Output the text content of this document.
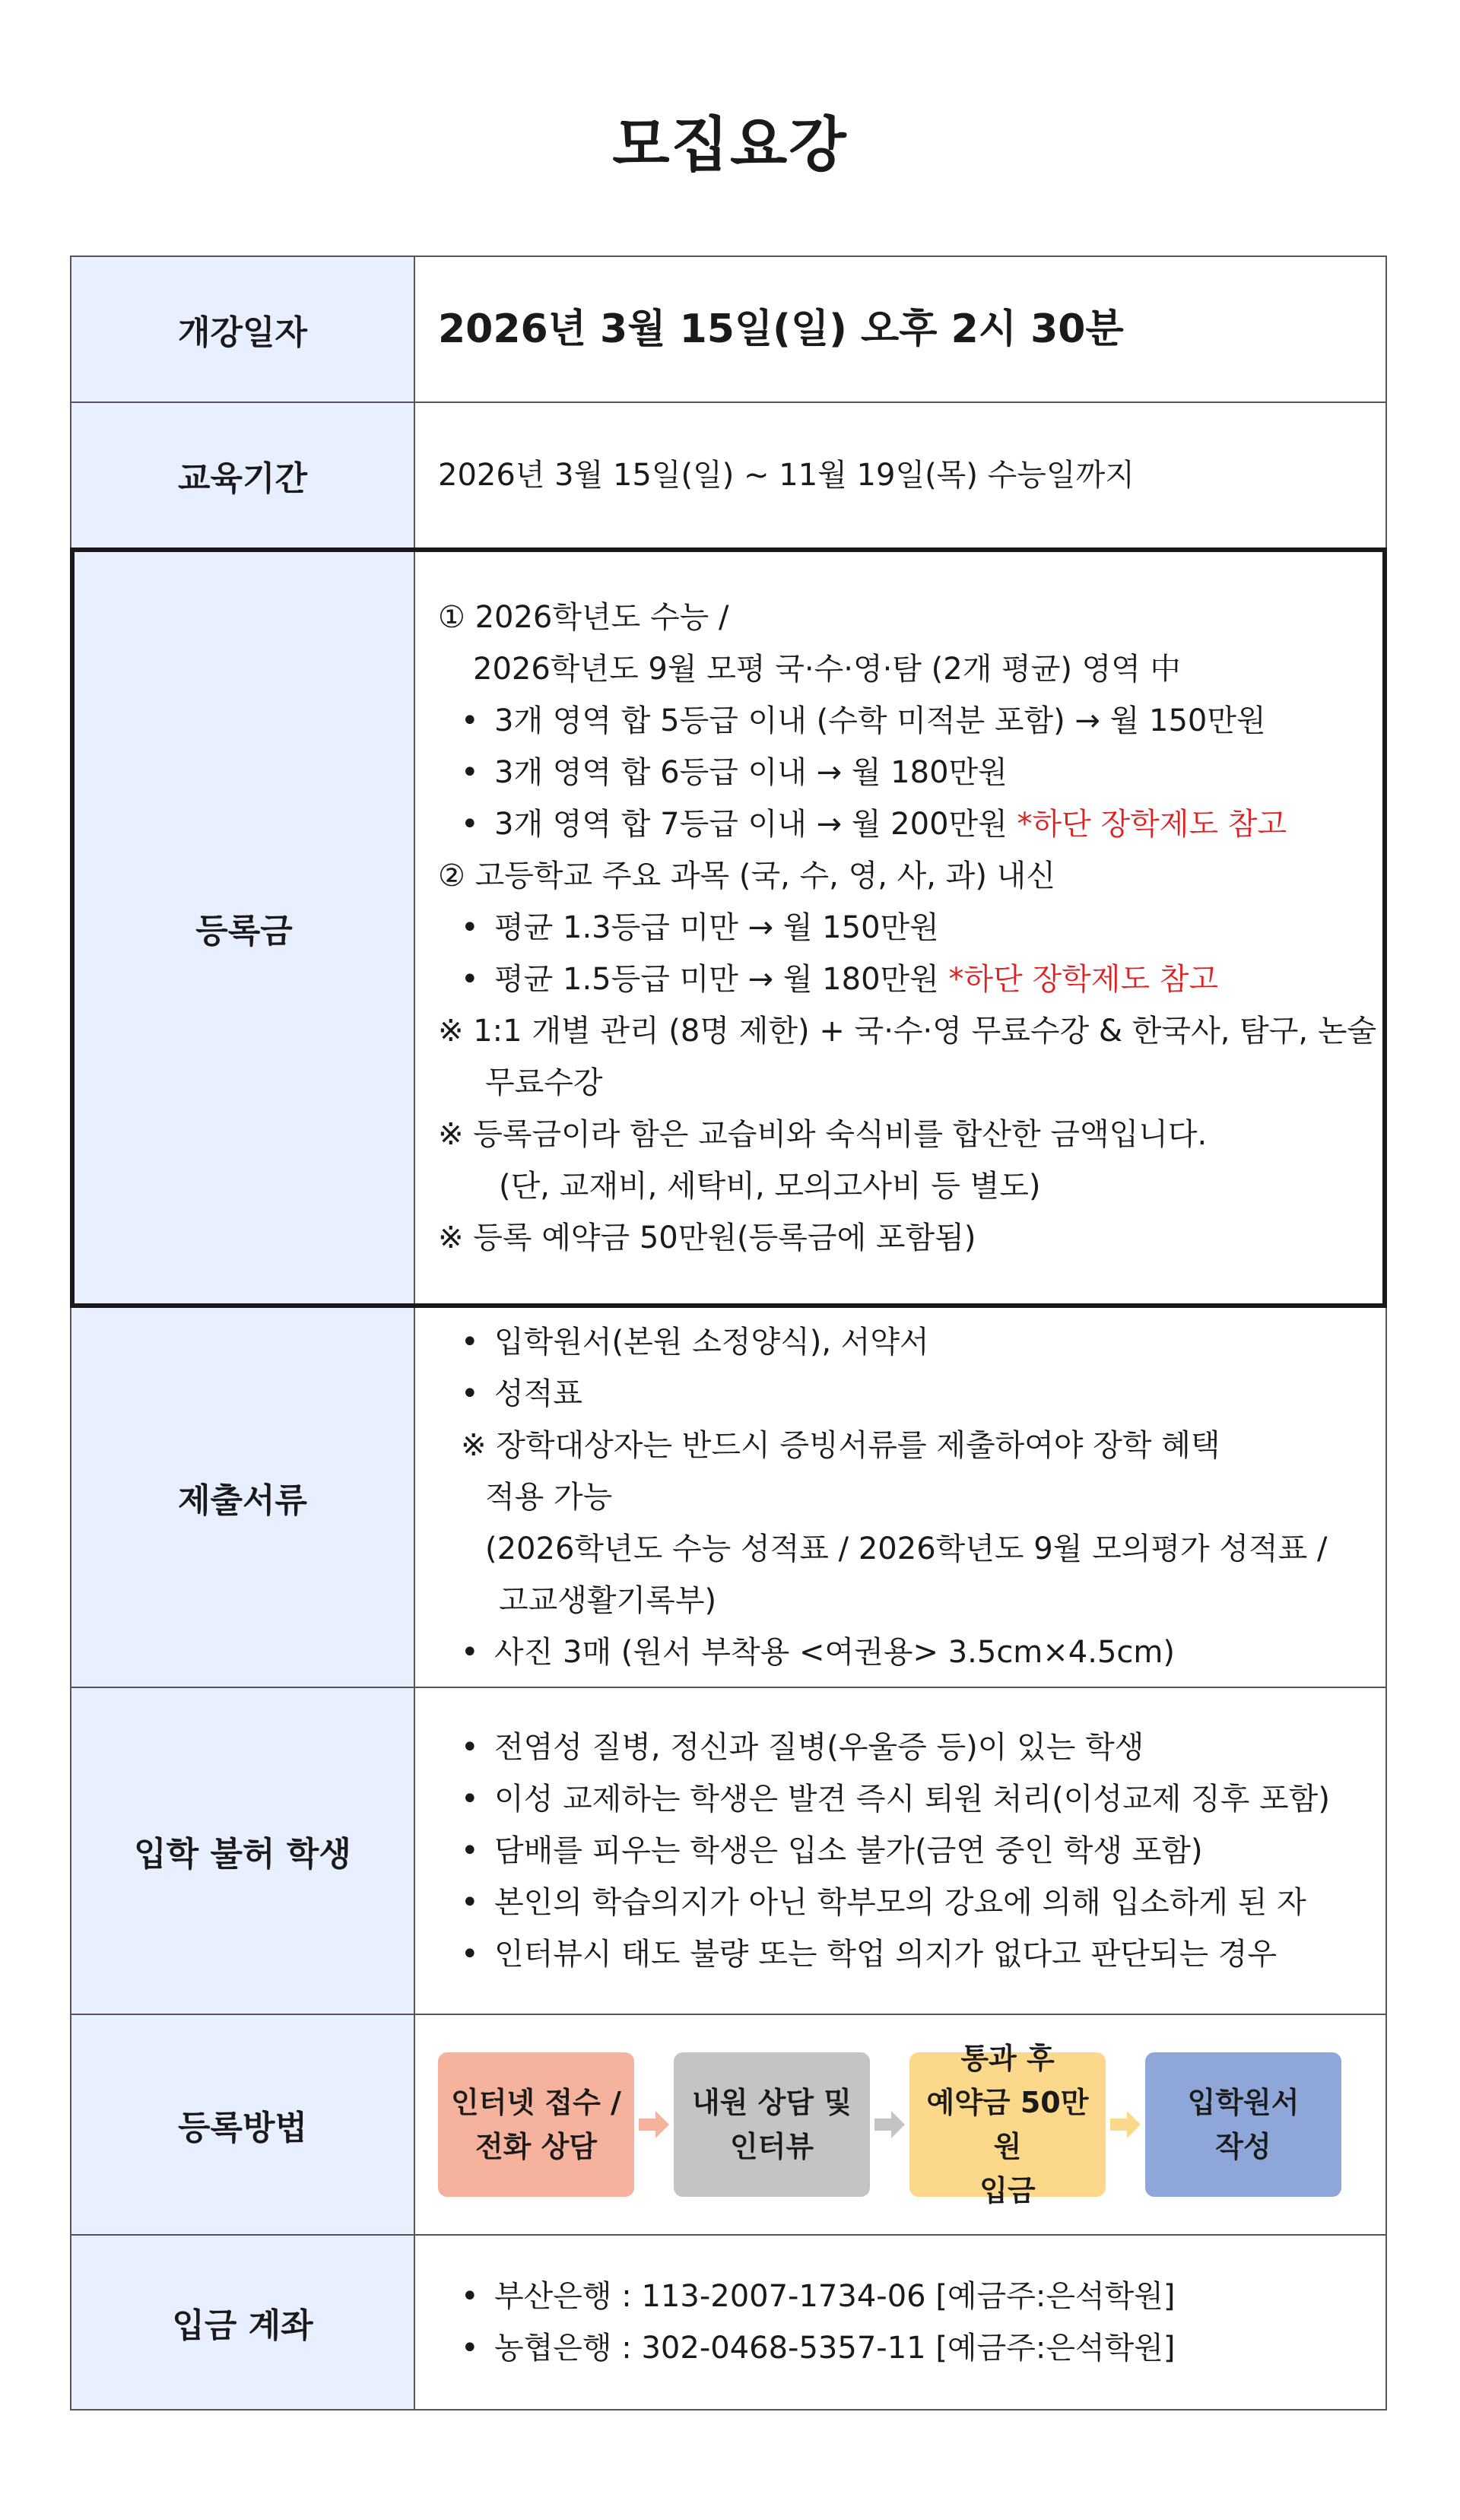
모집요강
개강일자	2026년 3월 15일(일) 오후 2시 30분
교육기간	2026년 3월 15일(일) ~ 11월 19일(목) 수능일까지
등록금
① 2026학년도 수능 /
2026학년도 9월 모평 국·수·영·탐 (2개 평균) 영역 中
• 3개 영역 합 5등급 이내 (수학 미적분 포함) → 월 150만원
• 3개 영역 합 6등급 이내 → 월 180만원
• 3개 영역 합 7등급 이내 → 월 200만원 *하단 장학제도 참고
② 고등학교 주요 과목 (국, 수, 영, 사, 과) 내신
• 평균 1.3등급 미만 → 월 150만원
• 평균 1.5등급 미만 → 월 180만원 *하단 장학제도 참고
※ 1:1 개별 관리 (8명 제한) + 국·수·영 무료수강 & 한국사, 탐구, 논술
무료수강
※ 등록금이라 함은 교습비와 숙식비를 합산한 금액입니다.
(단, 교재비, 세탁비, 모의고사비 등 별도)
※ 등록 예약금 50만원(등록금에 포함됨)
제출서류
• 입학원서(본원 소정양식), 서약서
• 성적표
※ 장학대상자는 반드시 증빙서류를 제출하여야 장학 혜택
적용 가능
(2026학년도 수능 성적표 / 2026학년도 9월 모의평가 성적표 /
고교생활기록부)
• 사진 3매 (원서 부착용 <여권용> 3.5cm×4.5cm)
입학 불허 학생
• 전염성 질병, 정신과 질병(우울증 등)이 있는 학생
• 이성 교제하는 학생은 발견 즉시 퇴원 처리(이성교제 징후 포함)
• 담배를 피우는 학생은 입소 불가(금연 중인 학생 포함)
• 본인의 학습의지가 아닌 학부모의 강요에 의해 입소하게 된 자
• 인터뷰시 태도 불량 또는 학업 의지가 없다고 판단되는 경우
등록방법
인터넷 접수 /
전화 상담
내원 상담 및
인터뷰
통과 후
예약금 50만원
입금
입학원서
작성
입금 계좌
• 부산은행 : 113-2007-1734-06 [예금주:은석학원]
• 농협은행 : 302-0468-5357-11 [예금주:은석학원]
